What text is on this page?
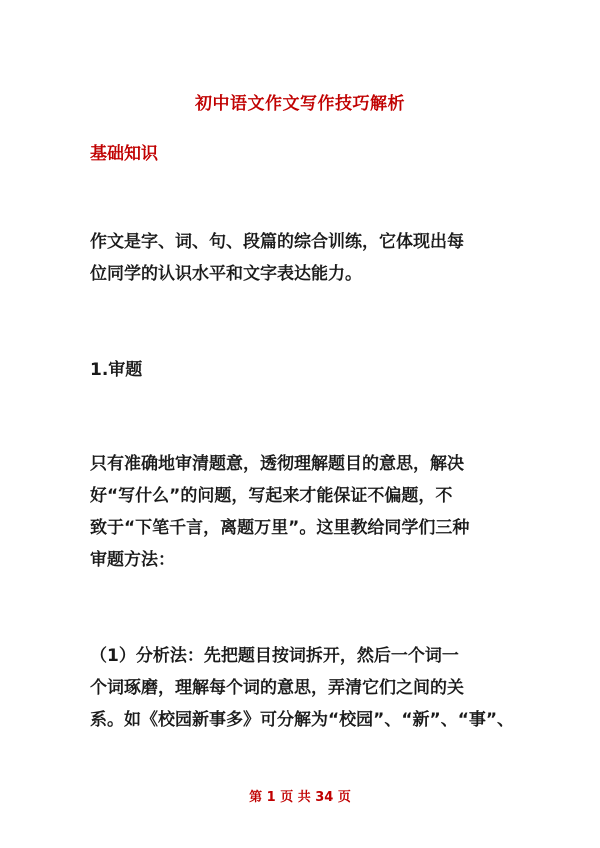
初中语文作文写作技巧解析
基础知识
作文是字、词、句、段篇的综合训练，它体现出每
位同学的认识水平和文字表达能力。
1.审题
只有准确地审清题意，透彻理解题目的意思，解决
好“写什么”的问题，写起来才能保证不偏题，不
致于“下笔千言，离题万里”。这里教给同学们三种
审题方法：
（1）分析法：先把题目按词拆开，然后一个词一
个词琢磨，理解每个词的意思，弄清它们之间的关
系。如《校园新事多》可分解为“校园”、“新”、“事”、
第 1 页 共 34 页
